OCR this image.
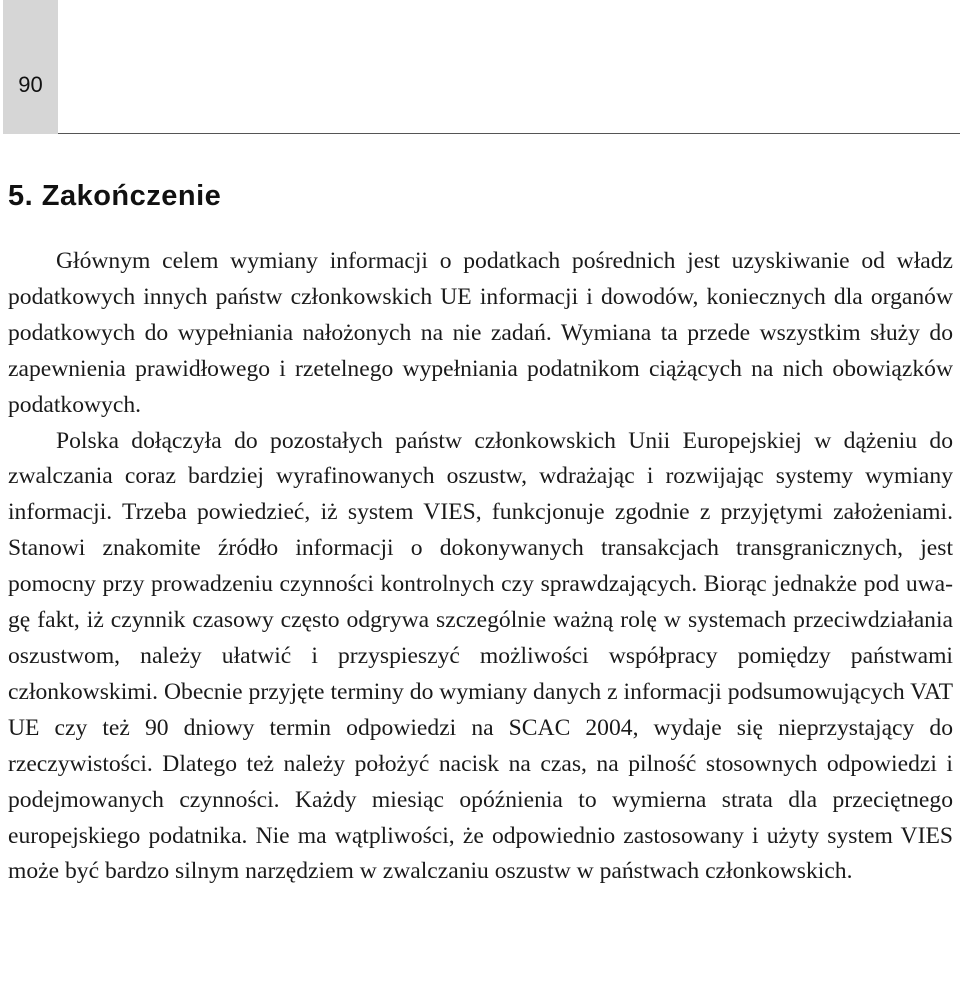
90
5. Zakończenie

Głównym celem wymiany informacji o podatkach pośrednich jest uzyskiwanie od władz podatkowych innych państw członkowskich UE informacji i dowodów, koniecznych dla organów podatkowych do wypełniania nałożonych na nie zadań. Wymiana ta przede wszystkim służy do zapewnienia prawidłowego i rzetelnego wypełniania podatnikom ciążących na nich obowiązków podatkowych.

Polska dołączyła do pozostałych państw członkowskich Unii Europejskiej w dążeniu do zwalczania coraz bardziej wyrafinowanych oszustw, wdrażając i rozwijając systemy wymiany informacji. Trzeba powiedzieć, iż system VIES, funkcjonuje zgodnie z przyjętymi założeniami. Stanowi znakomite źródło informacji o dokonywanych transakcjach transgranicznych, jest pomocny przy prowadzeniu czynności kontrolnych czy sprawdzających. Biorąc jednakże pod uwagę fakt, iż czynnik czasowy często odgrywa szczególnie ważną rolę w systemach przeciwdziałania oszustwom, należy ułatwić i przyspieszyć możliwości współpracy pomiędzy państwami członkowskimi. Obecnie przyjęte terminy do wymiany danych z informacji podsumowujących VAT UE czy też 90 dniowy termin odpowiedzi na SCAC 2004, wydaje się nieprzystający do rzeczywistości. Dlatego też należy położyć nacisk na czas, na pilność stosownych odpowiedzi i podejmowanych czynności. Każdy miesiąc opóźnienia to wymierna strata dla przeciętnego europejskiego podatnika. Nie ma wątpliwości, że odpowiednio zastosowany i użyty system VIES może być bardzo silnym narzędziem w zwalczaniu oszustw w państwach członkowskich.
